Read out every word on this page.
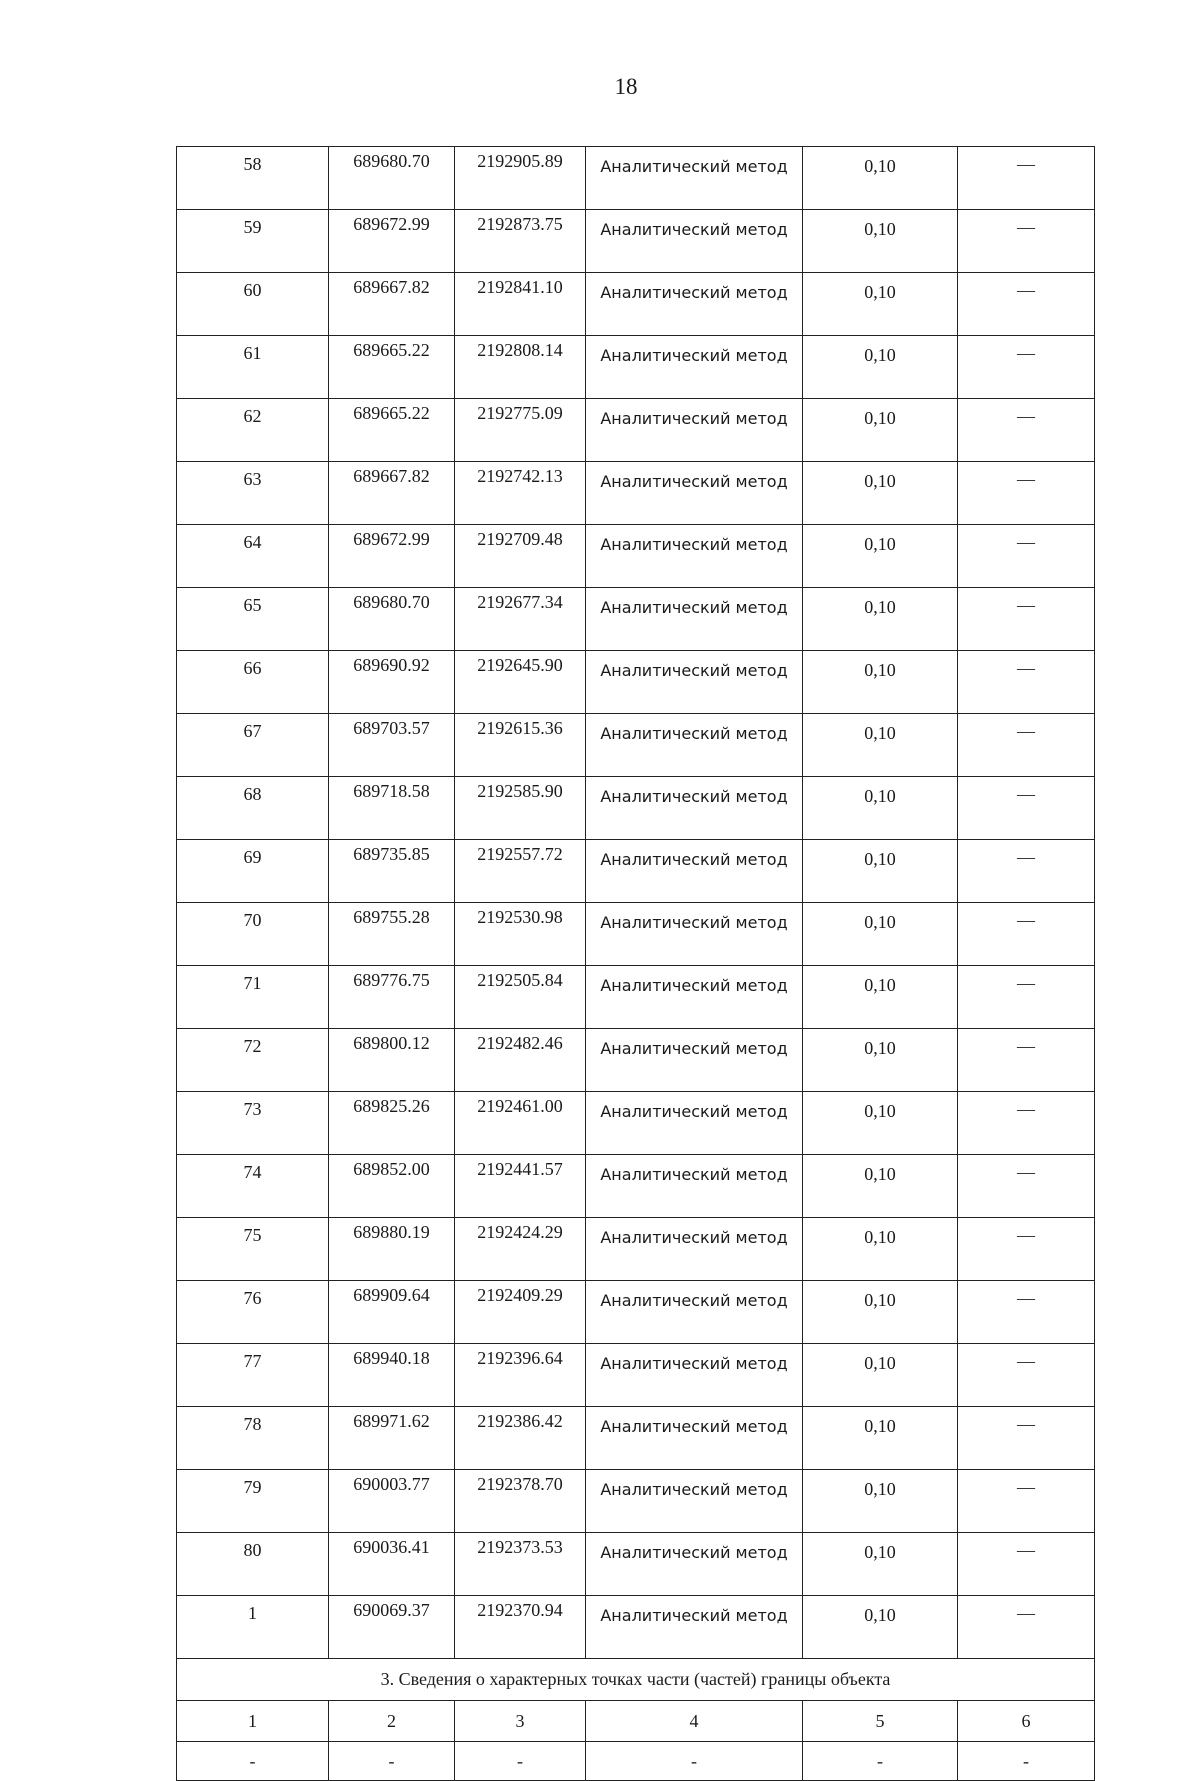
18
58	689680.70	2192905.89	Аналитический метод	0,10	—
59	689672.99	2192873.75	Аналитический метод	0,10	—
60	689667.82	2192841.10	Аналитический метод	0,10	—
61	689665.22	2192808.14	Аналитический метод	0,10	—
62	689665.22	2192775.09	Аналитический метод	0,10	—
63	689667.82	2192742.13	Аналитический метод	0,10	—
64	689672.99	2192709.48	Аналитический метод	0,10	—
65	689680.70	2192677.34	Аналитический метод	0,10	—
66	689690.92	2192645.90	Аналитический метод	0,10	—
67	689703.57	2192615.36	Аналитический метод	0,10	—
68	689718.58	2192585.90	Аналитический метод	0,10	—
69	689735.85	2192557.72	Аналитический метод	0,10	—
70	689755.28	2192530.98	Аналитический метод	0,10	—
71	689776.75	2192505.84	Аналитический метод	0,10	—
72	689800.12	2192482.46	Аналитический метод	0,10	—
73	689825.26	2192461.00	Аналитический метод	0,10	—
74	689852.00	2192441.57	Аналитический метод	0,10	—
75	689880.19	2192424.29	Аналитический метод	0,10	—
76	689909.64	2192409.29	Аналитический метод	0,10	—
77	689940.18	2192396.64	Аналитический метод	0,10	—
78	689971.62	2192386.42	Аналитический метод	0,10	—
79	690003.77	2192378.70	Аналитический метод	0,10	—
80	690036.41	2192373.53	Аналитический метод	0,10	—
1	690069.37	2192370.94	Аналитический метод	0,10	—
3. Сведения о характерных точках части (частей) границы объекта					
1	2	3	4	5	6
-	-	-	-	-	-
